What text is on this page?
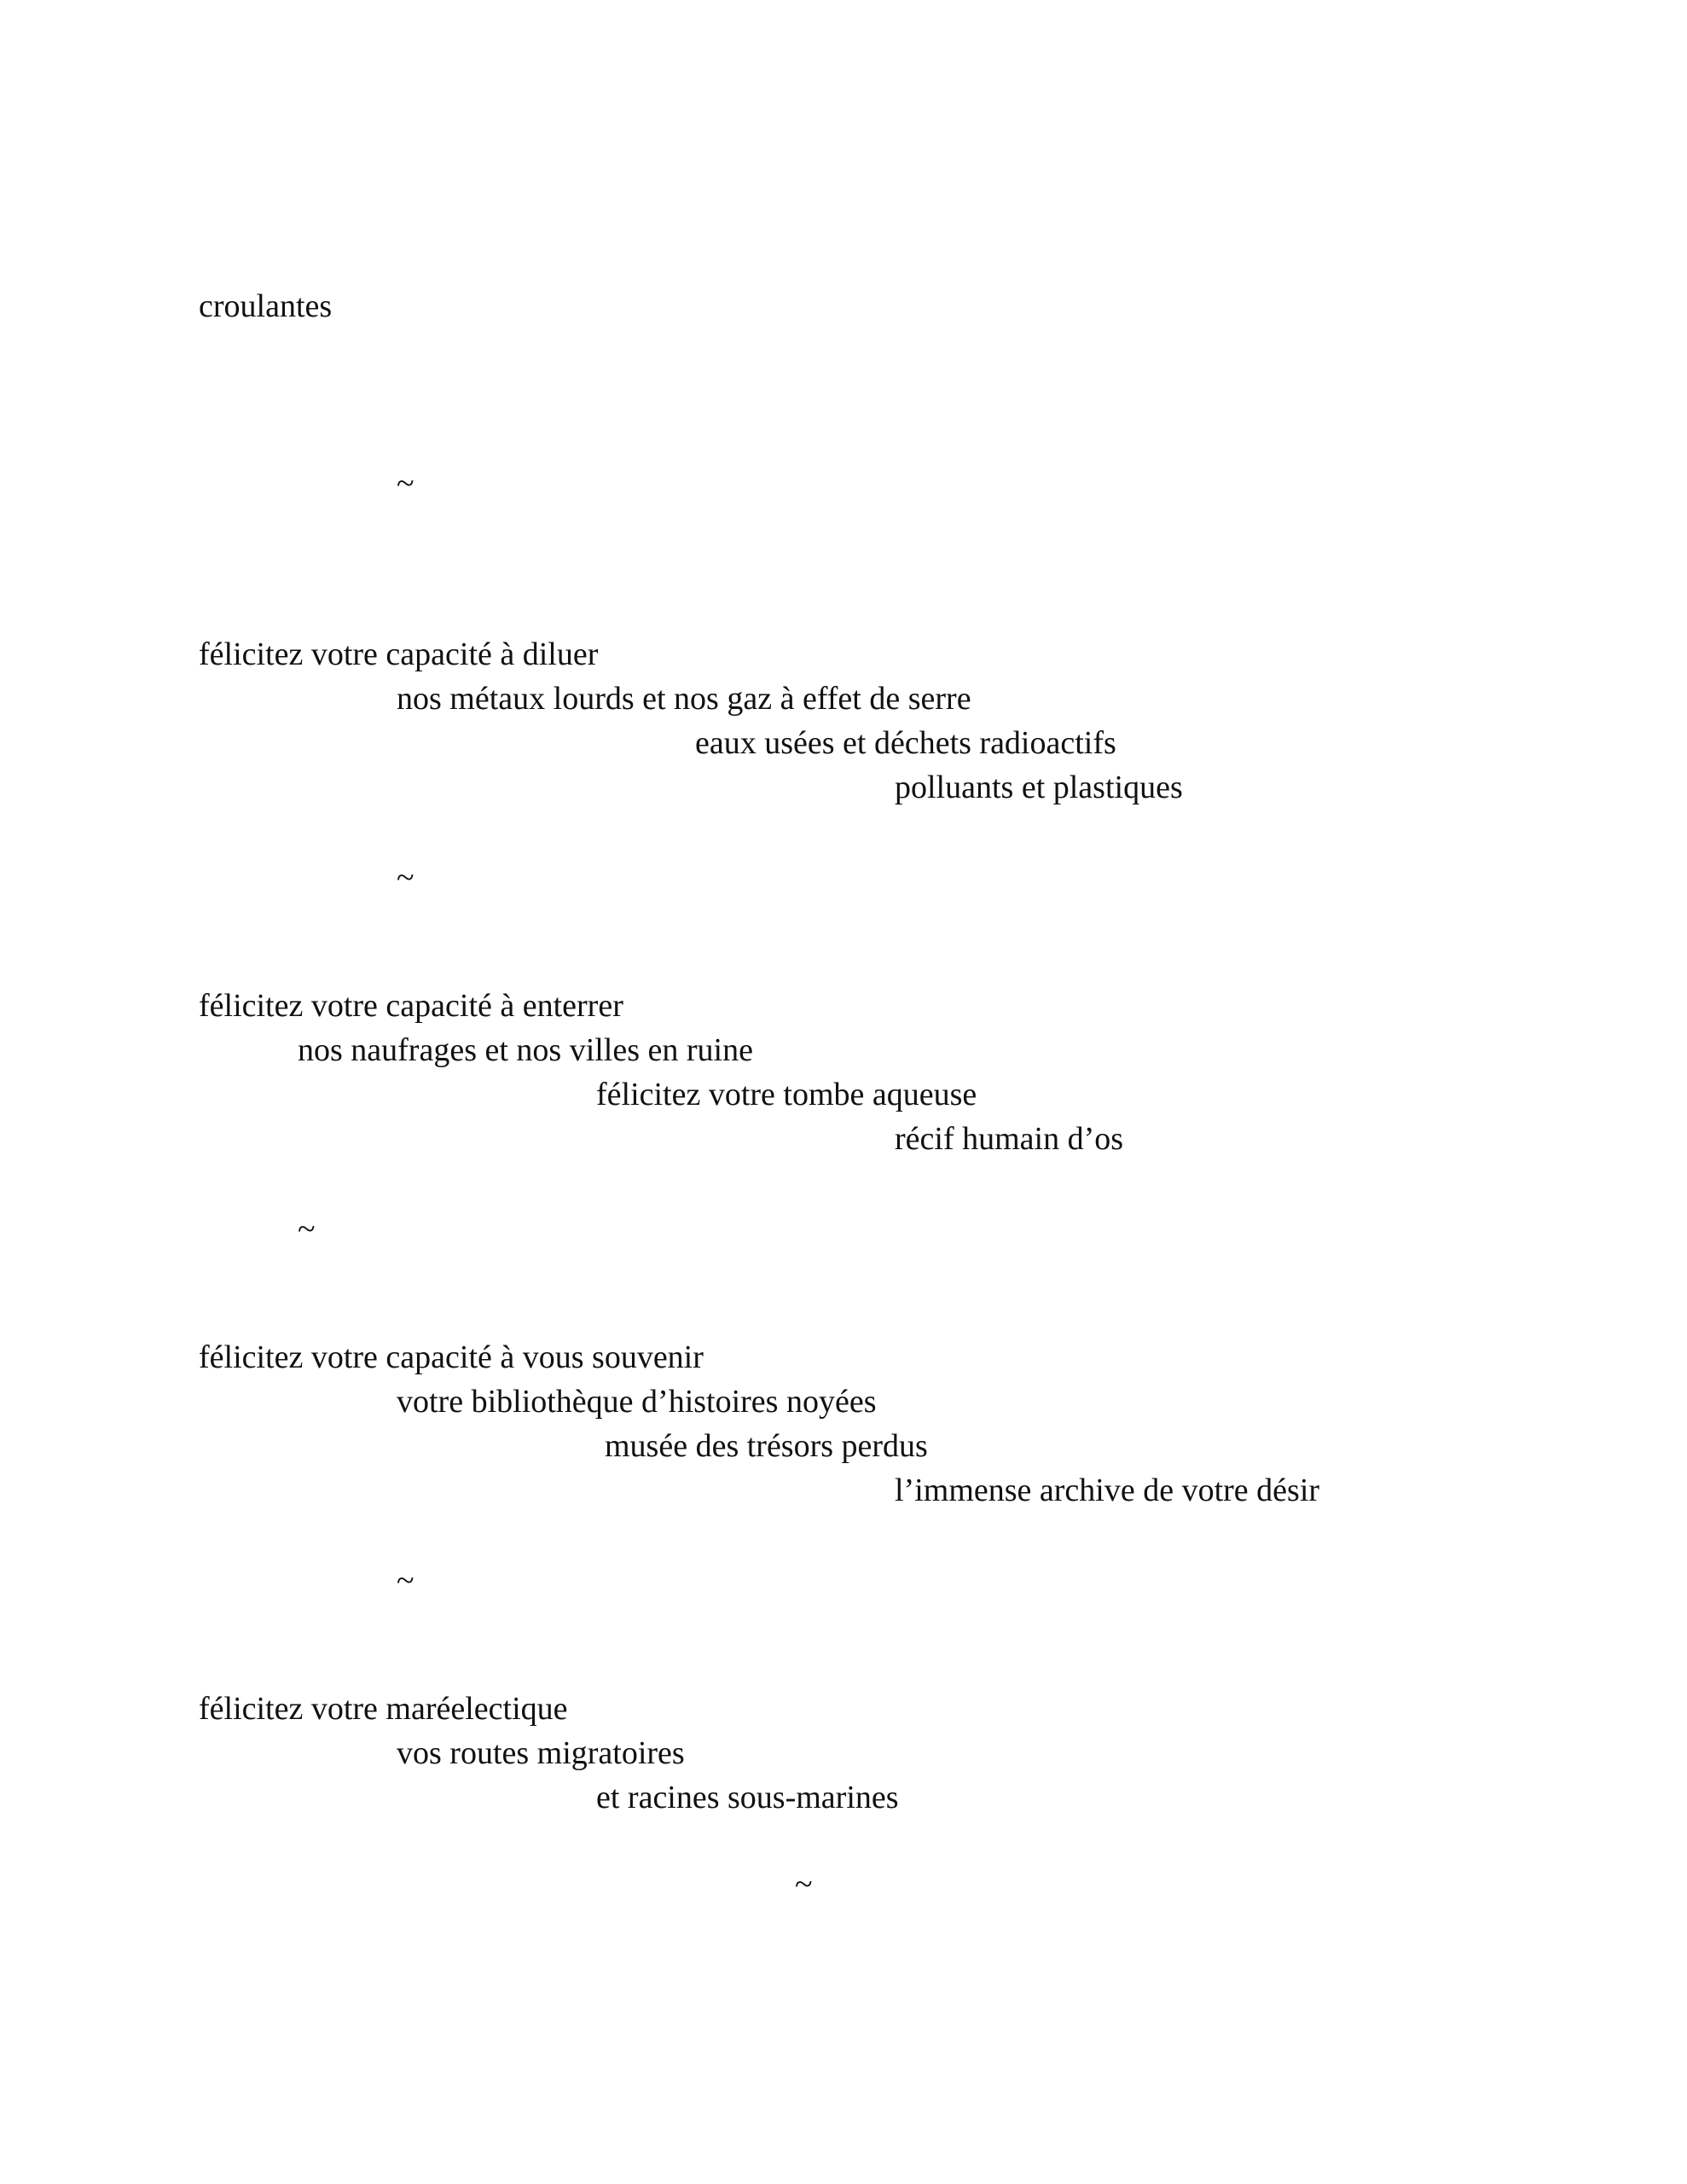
croulantes
~
félicitez votre capacité à diluer
nos métaux lourds et nos gaz à effet de serre
eaux usées et déchets radioactifs
polluants et plastiques
~
félicitez votre capacité à enterrer
nos naufrages et nos villes en ruine
félicitez votre tombe aqueuse
récif humain d’os
~
félicitez votre capacité à vous souvenir
votre bibliothèque d’histoires noyées
musée des trésors perdus
l’immense archive de votre désir
~
félicitez votre maréelectique
vos routes migratoires
et racines sous-marines
~
